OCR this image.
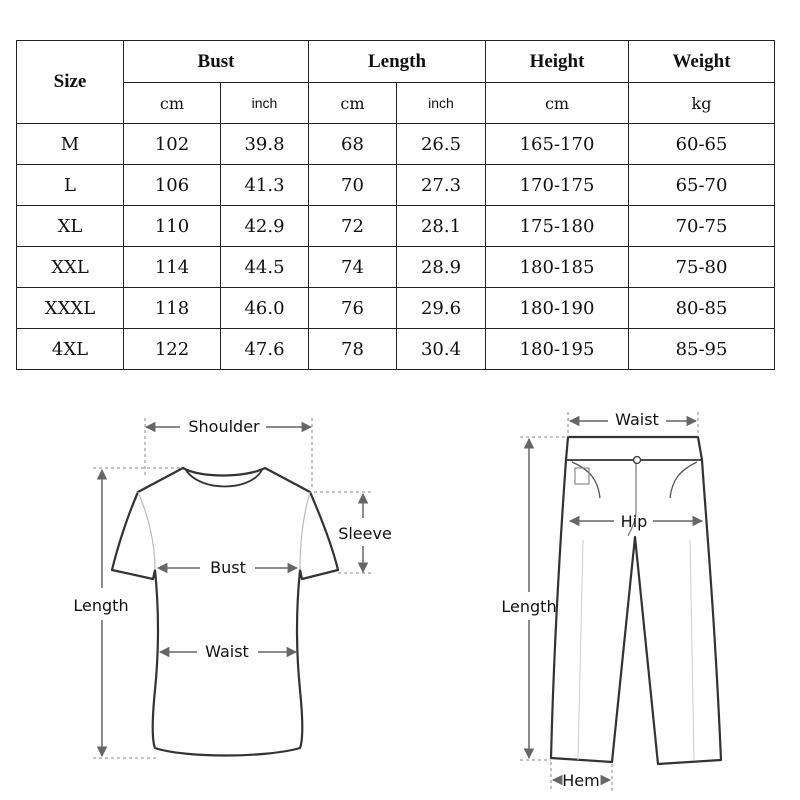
Size	Bust		Length		Height	Weight
	cm	inch	cm	inch	cm	kg
M	102	39.8	68	26.5	165-170	60-65
L	106	41.3	70	27.3	170-175	65-70
XL	110	42.9	72	28.1	175-180	70-75
XXL	114	44.5	74	28.9	180-185	75-80
XXXL	118	46.0	76	29.6	180-190	80-85
4XL	122	47.6	78	30.4	180-195	85-95
Shoulder
Sleeve
Bust
Waist
Length
Waist
Hip
Length
Hem
